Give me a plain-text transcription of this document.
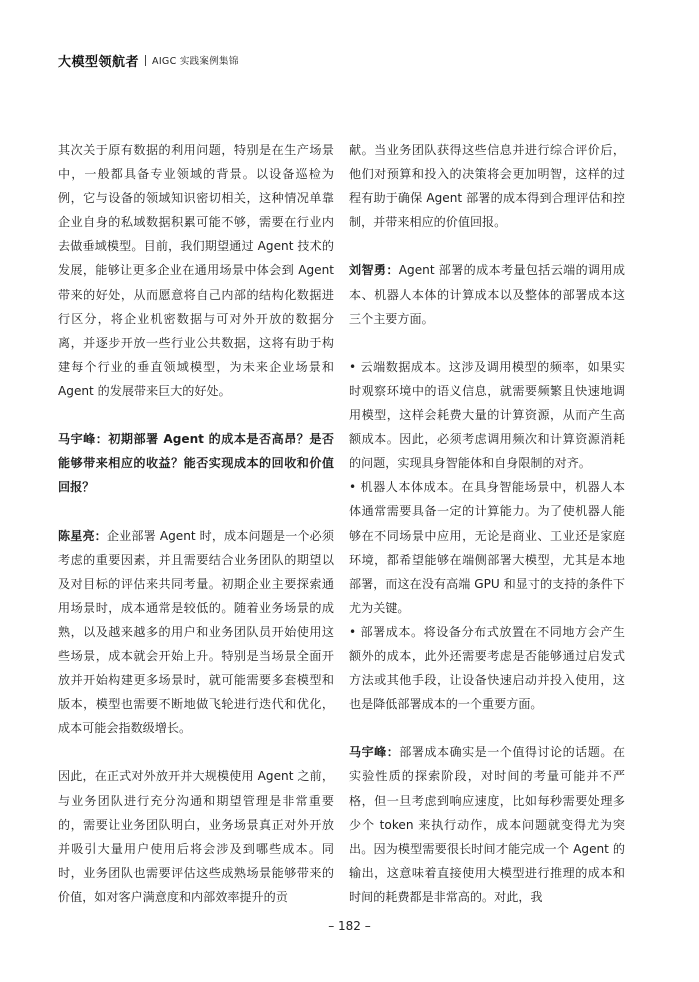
大模型领航者 AIGC 实践案例集锦

其次关于原有数据的利用问题，特别是在生产场景中，一般都具备专业领域的背景。以设备巡检为例，它与设备的领域知识密切相关，这种情况单靠企业自身的私域数据积累可能不够，需要在行业内去做垂域模型。目前，我们期望通过 Agent 技术的发展，能够让更多企业在通用场景中体会到 Agent 带来的好处，从而愿意将自己内部的结构化数据进行区分，将企业机密数据与可对外开放的数据分离，并逐步开放一些行业公共数据，这将有助于构建每个行业的垂直领域模型，为未来企业场景和 Agent 的发展带来巨大的好处。

马宇峰：初期部署 Agent 的成本是否高昂？是否能够带来相应的收益？能否实现成本的回收和价值回报？

陈星亮：企业部署 Agent 时，成本问题是一个必须考虑的重要因素，并且需要结合业务团队的期望以及对目标的评估来共同考量。初期企业主要探索通用场景时，成本通常是较低的。随着业务场景的成熟，以及越来越多的用户和业务团队员开始使用这些场景，成本就会开始上升。特别是当场景全面开放并开始构建更多场景时，就可能需要多套模型和版本，模型也需要不断地做飞轮进行迭代和优化，成本可能会指数级增长。

因此，在正式对外放开并大规模使用 Agent 之前，与业务团队进行充分沟通和期望管理是非常重要的，需要让业务团队明白，业务场景真正对外开放并吸引大量用户使用后将会涉及到哪些成本。同时，业务团队也需要评估这些成熟场景能够带来的价值，如对客户满意度和内部效率提升的贡

献。当业务团队获得这些信息并进行综合评价后，他们对预算和投入的决策将会更加明智，这样的过程有助于确保 Agent 部署的成本得到合理评估和控制，并带来相应的价值回报。

刘智勇：Agent 部署的成本考量包括云端的调用成本、机器人本体的计算成本以及整体的部署成本这三个主要方面。

• 云端数据成本。这涉及调用模型的频率，如果实时观察环境中的语义信息，就需要频繁且快速地调用模型，这样会耗费大量的计算资源，从而产生高额成本。因此，必须考虑调用频次和计算资源消耗的问题，实现具身智能体和自身限制的对齐。

• 机器人本体成本。在具身智能场景中，机器人本体通常需要具备一定的计算能力。为了使机器人能够在不同场景中应用，无论是商业、工业还是家庭环境，都希望能够在端侧部署大模型，尤其是本地部署，而这在没有高端 GPU 和显寸的支持的条件下尤为关键。

• 部署成本。将设备分布式放置在不同地方会产生额外的成本，此外还需要考虑是否能够通过启发式方法或其他手段，让设备快速启动并投入使用，这也是降低部署成本的一个重要方面。

马宇峰：部署成本确实是一个值得讨论的话题。在实验性质的探索阶段，对时间的考量可能并不严格，但一旦考虑到响应速度，比如每秒需要处理多少个 token 来执行动作，成本问题就变得尤为突出。因为模型需要很长时间才能完成一个 Agent 的输出，这意味着直接使用大模型进行推理的成本和时间的耗费都是非常高的。对此，我

– 182 –
